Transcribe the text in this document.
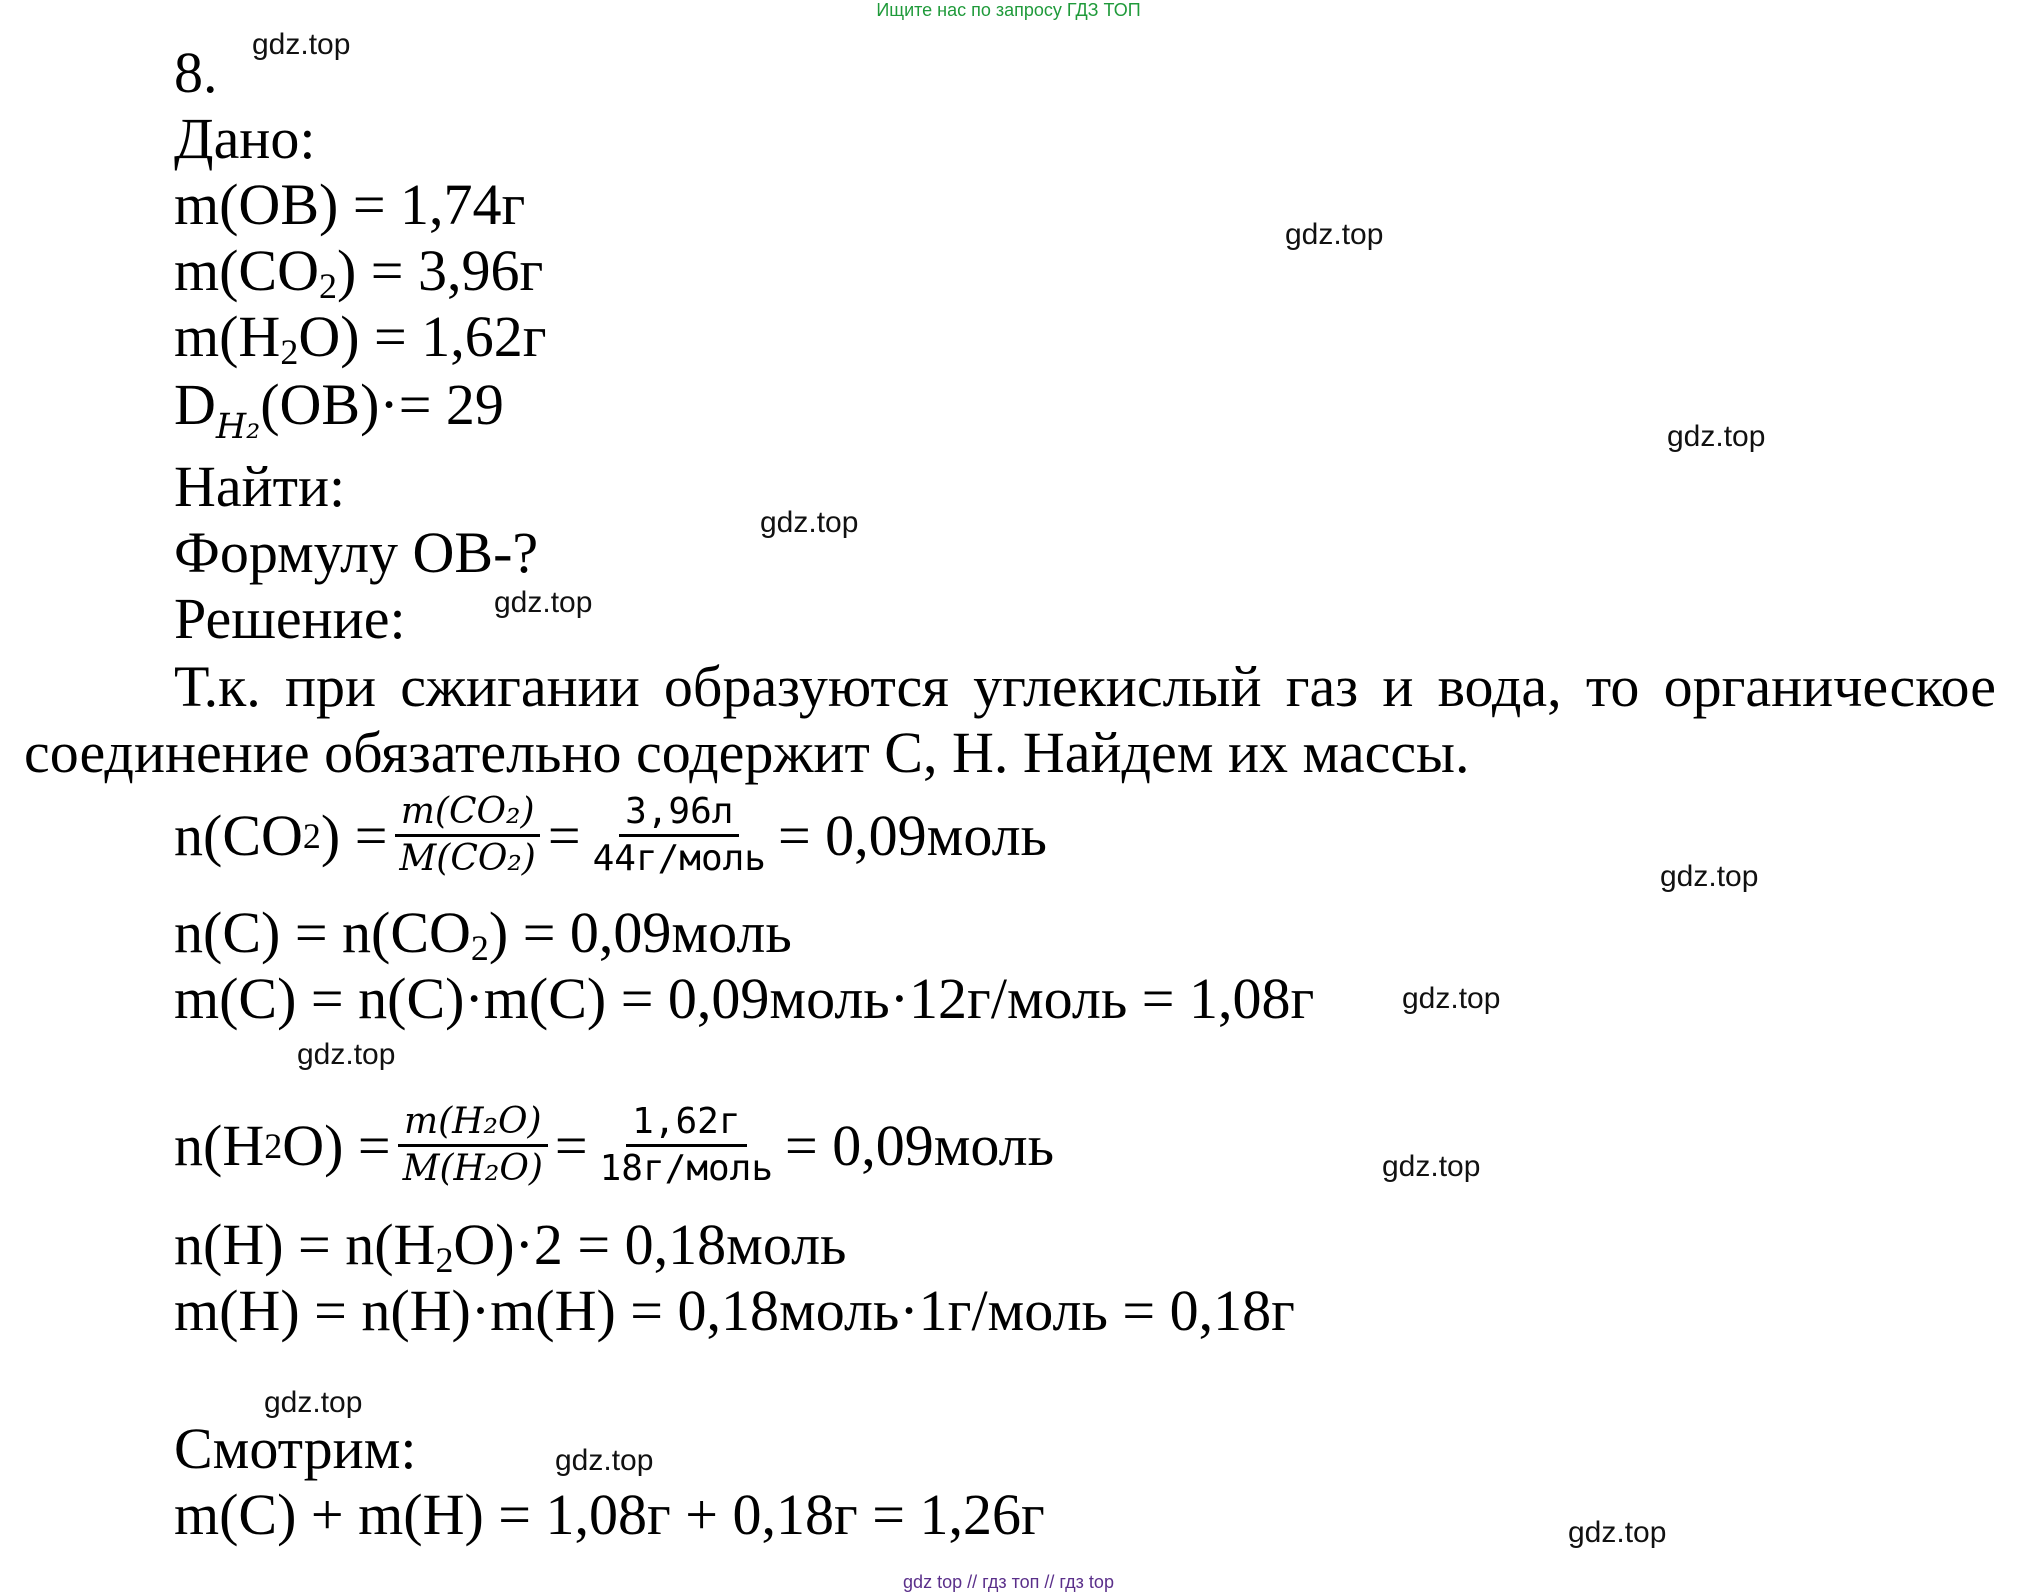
Ищите нас по запросу ГДЗ ТОП
8.
Дано:
m(OB) = 1,74г
$m(CO_2) = 3,96г$
$m(H_2O) = 1,62г$
$D_{H_2}(OB)\cdot= 29$
Найти:
Формулу ОВ-?
Решение:
Т.к. при сжигании образуются углекислый газ и вода, то органическое соединение обязательно содержит С, Н. Найдем их массы.
n(CO 2 ) = $\frac{\text{m(CO₂)}}{\text{M(CO₂)}} = \frac{3,96л}{\text{44г/моль}}$ = 0,09моль
$n(C) = n(CO_2)$ = 0,09моль
m(C) = n(C)·m(C) = 0,09моль·12г/моль = 1,08г
n(H 2 $O) = \frac{\text{m(H₂O)}}{\text{M(H₂O)}} = \frac{1,62г}{\text{18г/моль}}$ = 0,09моль
$n(H) = n(H_2O)\cdot 2$ = 0,18моль
m(H) = n(H)·m(H) = 0,18моль·1г/моль = 0,18г
Смотрим:
m(C) + m(H) = 1,08г + 0,18г = 1,26г
gdz.top
gdz.top
gdz.top
gdz.top
gdz.top
gdz.top
gdz.top
gdz.top
gdz.top
gdz.top
gdz.top
gdz.top
gdz top // гдз топ // гдз top
